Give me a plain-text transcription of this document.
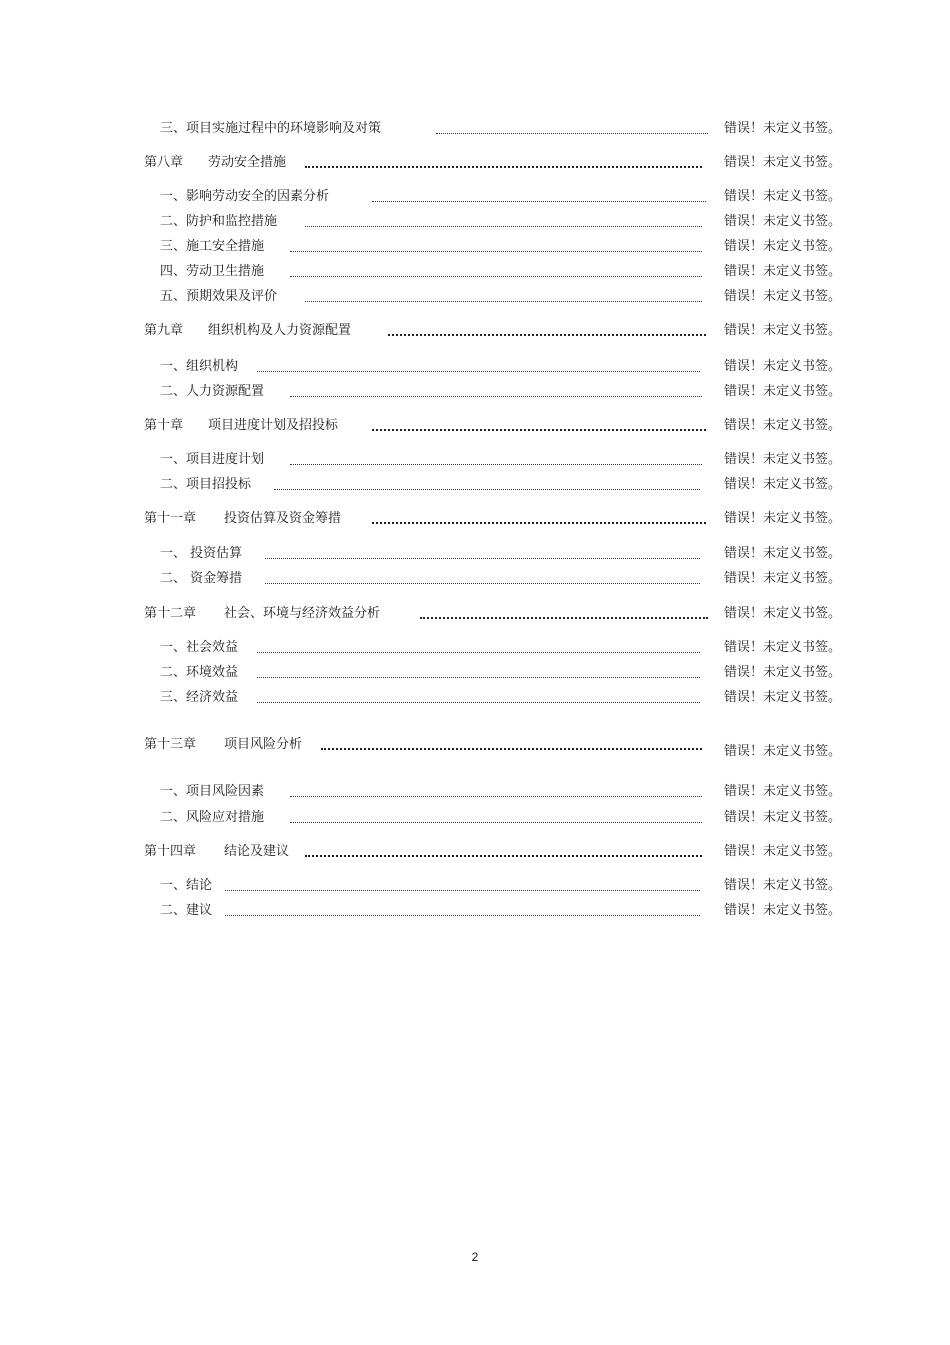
三、项目实施过程中的环境影响及对策	错误！未定义书签。
第八章 劳动安全措施	错误！未定义书签。
一、影响劳动安全的因素分析	错误！未定义书签。
二、防护和监控措施	错误！未定义书签。
三、施工安全措施	错误！未定义书签。
四、劳动卫生措施	错误！未定义书签。
五、预期效果及评价	错误！未定义书签。
第九章 组织机构及人力资源配置	错误！未定义书签。
一、组织机构	错误！未定义书签。
二、人力资源配置	错误！未定义书签。
第十章 项目进度计划及招投标	错误！未定义书签。
一、项目进度计划	错误！未定义书签。
二、项目招投标	错误！未定义书签。
第十一章 投资估算及资金筹措	错误！未定义书签。
一、 投资估算	错误！未定义书签。
二、 资金筹措	错误！未定义书签。
第十二章 社会、环境与经济效益分析	错误！未定义书签。
一、社会效益	错误！未定义书签。
二、环境效益	错误！未定义书签。
三、经济效益	错误！未定义书签。
第十三章 项目风险分析	错误！未定义书签。
一、项目风险因素	错误！未定义书签。
二、风险应对措施	错误！未定义书签。
第十四章 结论及建议	错误！未定义书签。
一、结论	错误！未定义书签。
二、建议	错误！未定义书签。
2
